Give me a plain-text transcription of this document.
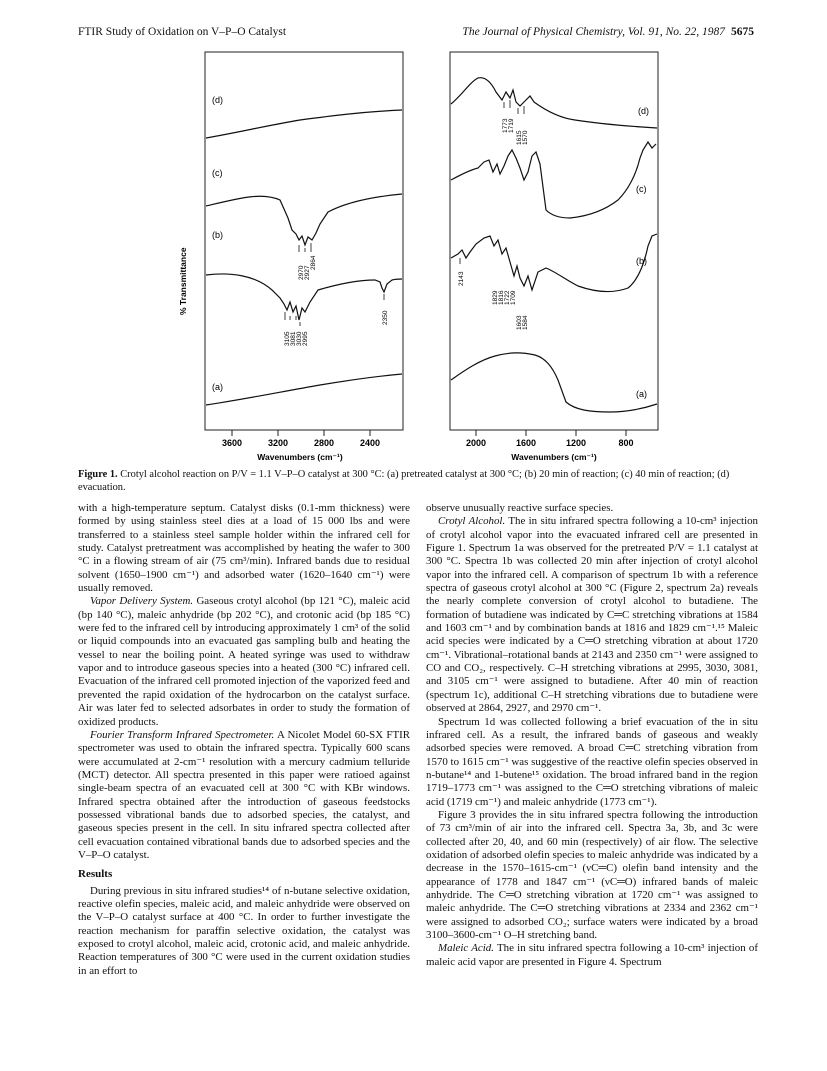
FTIR Study of Oxidation on V–P–O Catalyst	The Journal of Physical Chemistry, Vol. 91, No. 22, 1987 5675
(d)
(c)
(b)
(a)
2970 2927
2864
2350
3105 3081 3030 2995
% Transmittance
3600	3200	2800	2400
Wavenumbers (cm⁻¹)
(d)
(c)
(b)
(a)
1773 1719
1615 1570
2143
1829 1816 1722 1709
1603 1584
2000	1600	1200	800
Wavenumbers (cm⁻¹)
Figure 1. Crotyl alcohol reaction on P/V = 1.1 V–P–O catalyst at 300 °C: (a) pretreated catalyst at 300 °C; (b) 20 min of reaction; (c) 40 min of reaction; (d) evacuation.

with a high-temperature septum. Catalyst disks (0.1-mm thickness) were formed by using stainless steel dies at a load of 15 000 lbs and were transferred to a stainless steel sample holder within the infrared cell for study. Catalyst pretreatment was accomplished by heating the wafer to 300 °C in a flowing stream of air (75 cm³/min). Infrared bands due to residual solvent (1650–1900 cm⁻¹) and adsorbed water (1620–1640 cm⁻¹) were usually removed.

Vapor Delivery System. Gaseous crotyl alcohol (bp 121 °C), maleic acid (bp 140 °C), maleic anhydride (bp 202 °C), and crotonic acid (bp 185 °C) were fed to the infrared cell by introducing approximately 1 cm³ of the solid or liquid compounds into an evacuated gas sampling bulb and heating the vessel to near the boiling point. A heated syringe was used to withdraw vapor and to introduce gaseous species into a heated (300 °C) infrared cell. Evacuation of the infrared cell promoted injection of the vaporized feed and prevented the rapid oxidation of the hydrocarbon on the catalyst surface. Air was later fed to selected adsorbates in order to study the formation of oxidized products.

Fourier Transform Infrared Spectrometer. A Nicolet Model 60-SX FTIR spectrometer was used to obtain the infrared spectra. Typically 600 scans were accumulated at 2-cm⁻¹ resolution with a mercury cadmium telluride (MCT) detector. All spectra presented in this paper were ratioed against single-beam spectra of an evacuated cell at 300 °C with KBr windows. Infrared spectra obtained after the introduction of gaseous feedstocks possessed vibrational bands due to adsorbed species, the catalyst, and gaseous species present in the cell. In situ infrared spectra collected after cell evacuation contained vibrational bands due to adsorbed species and the V–P–O catalyst.

Results

During previous in situ infrared studies¹⁴ of n-butane selective oxidation, reactive olefin species, maleic acid, and maleic anhydride were observed on the V–P–O catalyst surface at 400 °C. In order to further investigate the reaction mechanism for paraffin selective oxidation, the catalyst was exposed to crotyl alcohol, maleic acid, crotonic acid, and maleic anhydride. Reaction temperatures of 300 °C were used in the current oxidation studies in an effort to

observe unusually reactive surface species.

Crotyl Alcohol. The in situ infrared spectra following a 10-cm³ injection of crotyl alcohol vapor into the evacuated infrared cell are presented in Figure 1. Spectrum 1a was observed for the pretreated P/V = 1.1 catalyst at 300 °C. Spectra 1b was collected 20 min after injection of crotyl alcohol vapor into the infrared cell. A comparison of spectrum 1b with a reference spectra of gaseous crotyl alcohol at 300 °C (Figure 2, spectrum 2a) reveals the nearly complete conversion of crotyl alcohol to butadiene. The formation of butadiene was indicated by C═C stretching vibrations at 1584 and 1603 cm⁻¹ and by combination bands at 1816 and 1829 cm⁻¹.¹⁵ Maleic acid species were indicated by a C═O stretching vibration at about 1720 cm⁻¹. Vibrational–rotational bands at 2143 and 2350 cm⁻¹ were assigned to CO and CO₂, respectively. C–H stretching vibrations at 2995, 3030, 3081, and 3105 cm⁻¹ were assigned to butadiene. After 40 min of reaction (spectrum 1c), additional C–H stretching vibrations due to butadiene were observed at 2864, 2927, and 2970 cm⁻¹.

Spectrum 1d was collected following a brief evacuation of the in situ infrared cell. As a result, the infrared bands of gaseous and weakly adsorbed species were removed. A broad C═C stretching vibration from 1570 to 1615 cm⁻¹ was suggestive of the reactive olefin species observed in n-butane¹⁴ and 1-butene¹⁵ oxidation. The broad infrared band in the region 1719–1773 cm⁻¹ was assigned to the C═O stretching vibrations of maleic acid (1719 cm⁻¹) and maleic anhydride (1773 cm⁻¹).

Figure 3 provides the in situ infrared spectra following the introduction of 73 cm³/min of air into the infrared cell. Spectra 3a, 3b, and 3c were collected after 20, 40, and 60 min (respectively) of air flow. The selective oxidation of adsorbed olefin species to maleic anhydride was indicated by a decrease in the 1570–1615-cm⁻¹ (νC═C) olefin band intensity and the appearance of 1778 and 1847 cm⁻¹ (νC═O) infrared bands of maleic anhydride. The C═O stretching vibration at 1720 cm⁻¹ was assigned to maleic anhydride. The C═O stretching vibrations at 2334 and 2362 cm⁻¹ were assigned to adsorbed CO₂; surface waters were indicated by a broad 3100–3600-cm⁻¹ O–H stretching band.

Maleic Acid. The in situ infrared spectra following a 10-cm³ injection of maleic acid vapor are presented in Figure 4. Spectrum
